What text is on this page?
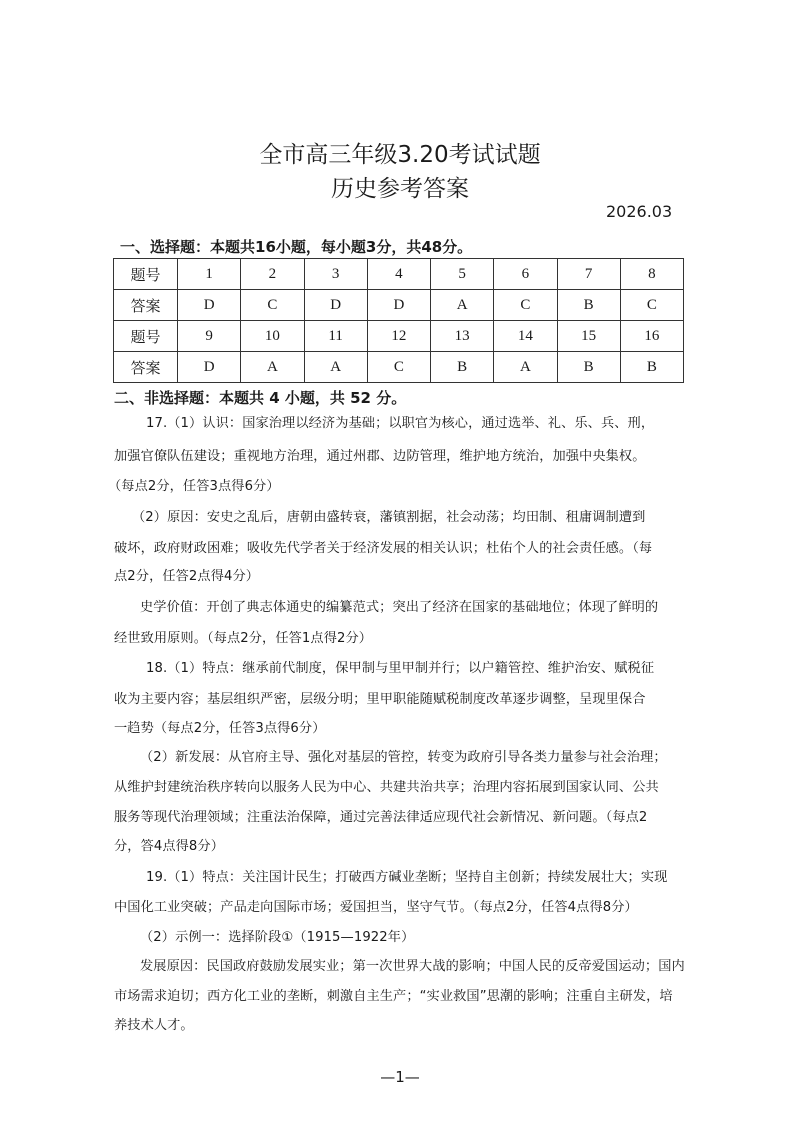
全市高三年级3.20考试试题
历史参考答案
2026.03
一、选择题：本题共16小题，每小题3分，共48分。
题号	1	2	3	4	5	6	7	8
答案	D	C	D	D	A	C	B	C
题号	9	10	11	12	13	14	15	16
答案	D	A	A	C	B	A	B	B
二、非选择题：本题共 4 小题，共 52 分。
17.（1）认识：国家治理以经济为基础；以职官为核心，通过选举、礼、乐、兵、刑，
加强官僚队伍建设；重视地方治理，通过州郡、边防管理，维护地方统治，加强中央集权。
（每点2分，任答3点得6分）
（2）原因：安史之乱后，唐朝由盛转衰，藩镇割据，社会动荡；均田制、租庸调制遭到
破坏，政府财政困难；吸收先代学者关于经济发展的相关认识；杜佑个人的社会责任感。（每
点2分，任答2点得4分）
史学价值：开创了典志体通史的编纂范式；突出了经济在国家的基础地位；体现了鲜明的
经世致用原则。（每点2分，任答1点得2分）
18.（1）特点：继承前代制度，保甲制与里甲制并行；以户籍管控、维护治安、赋税征
收为主要内容；基层组织严密，层级分明；里甲职能随赋税制度改革逐步调整，呈现里保合
一趋势（每点2分，任答3点得6分）
（2）新发展：从官府主导、强化对基层的管控，转变为政府引导各类力量参与社会治理；
从维护封建统治秩序转向以服务人民为中心、共建共治共享；治理内容拓展到国家认同、公共
服务等现代治理领域；注重法治保障，通过完善法律适应现代社会新情况、新问题。（每点2
分，答4点得8分）
19.（1）特点：关注国计民生；打破西方碱业垄断；坚持自主创新；持续发展壮大；实现
中国化工业突破；产品走向国际市场；爱国担当，坚守气节。（每点2分，任答4点得8分）
（2）示例一：选择阶段①（1915—1922年）
发展原因：民国政府鼓励发展实业；第一次世界大战的影响；中国人民的反帝爱国运动；国内
市场需求迫切；西方化工业的垄断，刺激自主生产；“实业救国”思潮的影响；注重自主研发，培
养技术人才。
—1—
